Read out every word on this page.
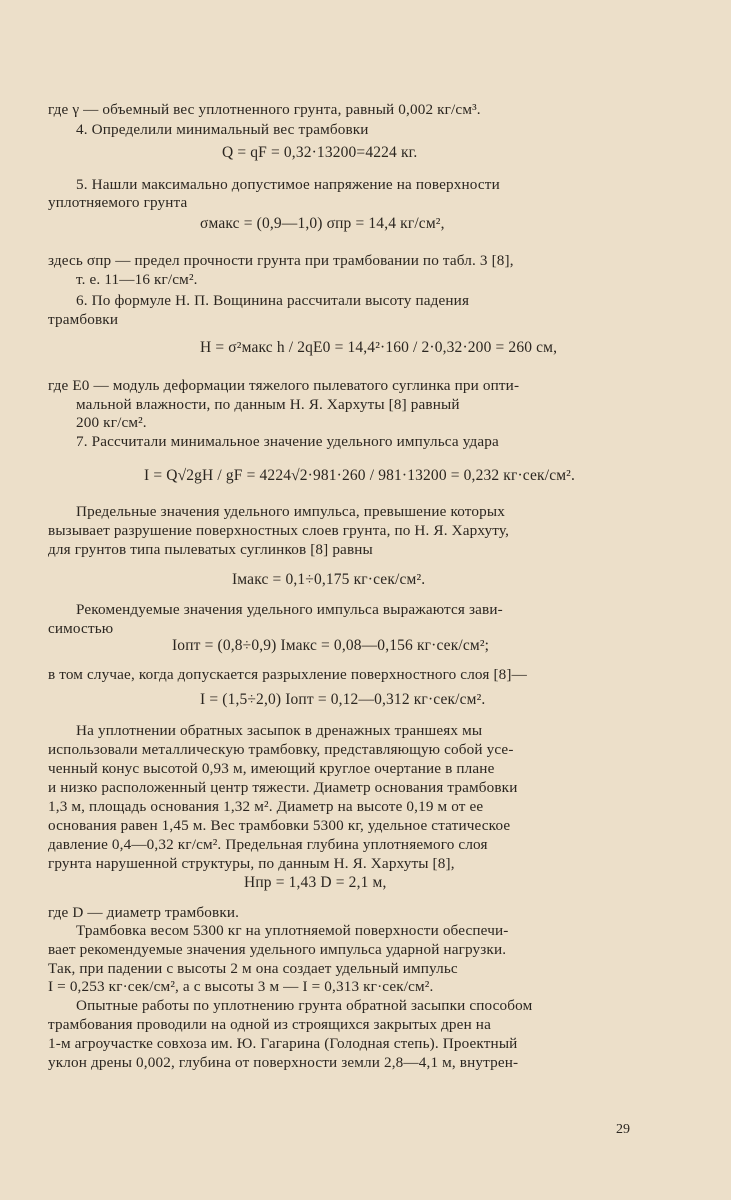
где γ — объемный вес уплотненного грунта, равный 0,002 кг/см³.
4. Определили минимальный вес трамбовки
Q = qF = 0,32·13200=4224 кг.
5. Нашли максимально допустимое напряжение на поверхности
уплотняемого грунта
σмакс = (0,9—1,0) σпр = 14,4 кг/см²,
здесь σпр — предел прочности грунта при трамбовании по табл. 3 [8],
т. е. 11—16 кг/см².
6. По формуле Н. П. Вощинина рассчитали высоту падения
трамбовки
H = σ²макс h / 2qE0 = 14,4²·160 / 2·0,32·200 = 260 см,
где E0 — модуль деформации тяжелого пылеватого суглинка при опти-
мальной влажности, по данным Н. Я. Хархуты [8] равный
200 кг/см².
7. Рассчитали минимальное значение удельного импульса удара
I = Q√2gH / gF = 4224√2·981·260 / 981·13200 = 0,232 кг·сек/см².
Предельные значения удельного импульса, превышение которых
вызывает разрушение поверхностных слоев грунта, по Н. Я. Хархуту,
для грунтов типа пылеватых суглинков [8] равны
Iмакс = 0,1÷0,175 кг·сек/см².
Рекомендуемые значения удельного импульса выражаются зави-
симостью
Iопт = (0,8÷0,9) Iмакс = 0,08—0,156 кг·сек/см²;
в том случае, когда допускается разрыхление поверхностного слоя [8]—
I = (1,5÷2,0) Iопт = 0,12—0,312 кг·сек/см².
На уплотнении обратных засыпок в дренажных траншеях мы
использовали металлическую трамбовку, представляющую собой усе-
ченный конус высотой 0,93 м, имеющий круглое очертание в плане
и низко расположенный центр тяжести. Диаметр основания трамбовки
1,3 м, площадь основания 1,32 м². Диаметр на высоте 0,19 м от ее
основания равен 1,45 м. Вес трамбовки 5300 кг, удельное статическое
давление 0,4—0,32 кг/см². Предельная глубина уплотняемого слоя
грунта нарушенной структуры, по данным Н. Я. Хархуты [8],
Hпр = 1,43 D = 2,1 м,
где D — диаметр трамбовки.
Трамбовка весом 5300 кг на уплотняемой поверхности обеспечи-
вает рекомендуемые значения удельного импульса ударной нагрузки.
Так, при падении с высоты 2 м она создает удельный импульс
I = 0,253 кг·сек/см², а с высоты 3 м — I = 0,313 кг·сек/см².
Опытные работы по уплотнению грунта обратной засыпки способом
трамбования проводили на одной из строящихся закрытых дрен на
1-м агроучастке совхоза им. Ю. Гагарина (Голодная степь). Проектный
уклон дрены 0,002, глубина от поверхности земли 2,8—4,1 м, внутрен-
29
